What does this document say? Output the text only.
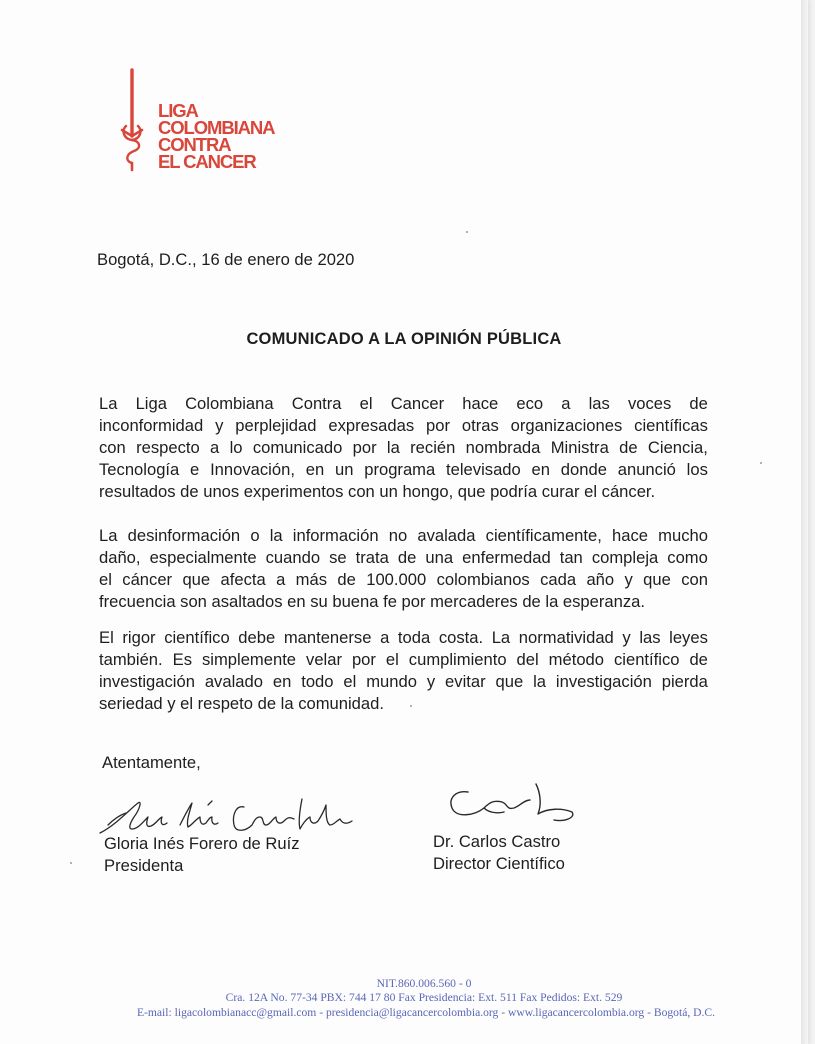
LIGA
COLOMBIANA
CONTRA
EL CANCER
Bogotá, D.C., 16 de enero de 2020
COMUNICADO A LA OPINIÓN PÚBLICA
La Liga Colombiana Contra el Cancer hace eco a las voces de
inconformidad y perplejidad expresadas por otras organizaciones científicas
con respecto a lo comunicado por la recién nombrada Ministra de Ciencia,
Tecnología e Innovación, en un programa televisado en donde anunció los
resultados de unos experimentos con un hongo, que podría curar el cáncer.
La desinformación o la información no avalada científicamente, hace mucho
daño, especialmente cuando se trata de una enfermedad tan compleja como
el cáncer que afecta a más de 100.000 colombianos cada año y que con
frecuencia son asaltados en su buena fe por mercaderes de la esperanza.
El rigor científico debe mantenerse a toda costa. La normatividad y las leyes
también. Es simplemente velar por el cumplimiento del método científico de
investigación avalado en todo el mundo y evitar que la investigación pierda
seriedad y el respeto de la comunidad.
Atentamente,
Gloria Inés Forero de Ruíz
Presidenta
Dr. Carlos Castro
Director Científico
NIT.860.006.560 - 0
Cra. 12A No. 77-34 PBX: 744 17 80 Fax Presidencia: Ext. 511 Fax Pedidos: Ext. 529
E-mail: ligacolombianacc@gmail.com - presidencia@ligacancercolombia.org - www.ligacancercolombia.org - Bogotá, D.C.
